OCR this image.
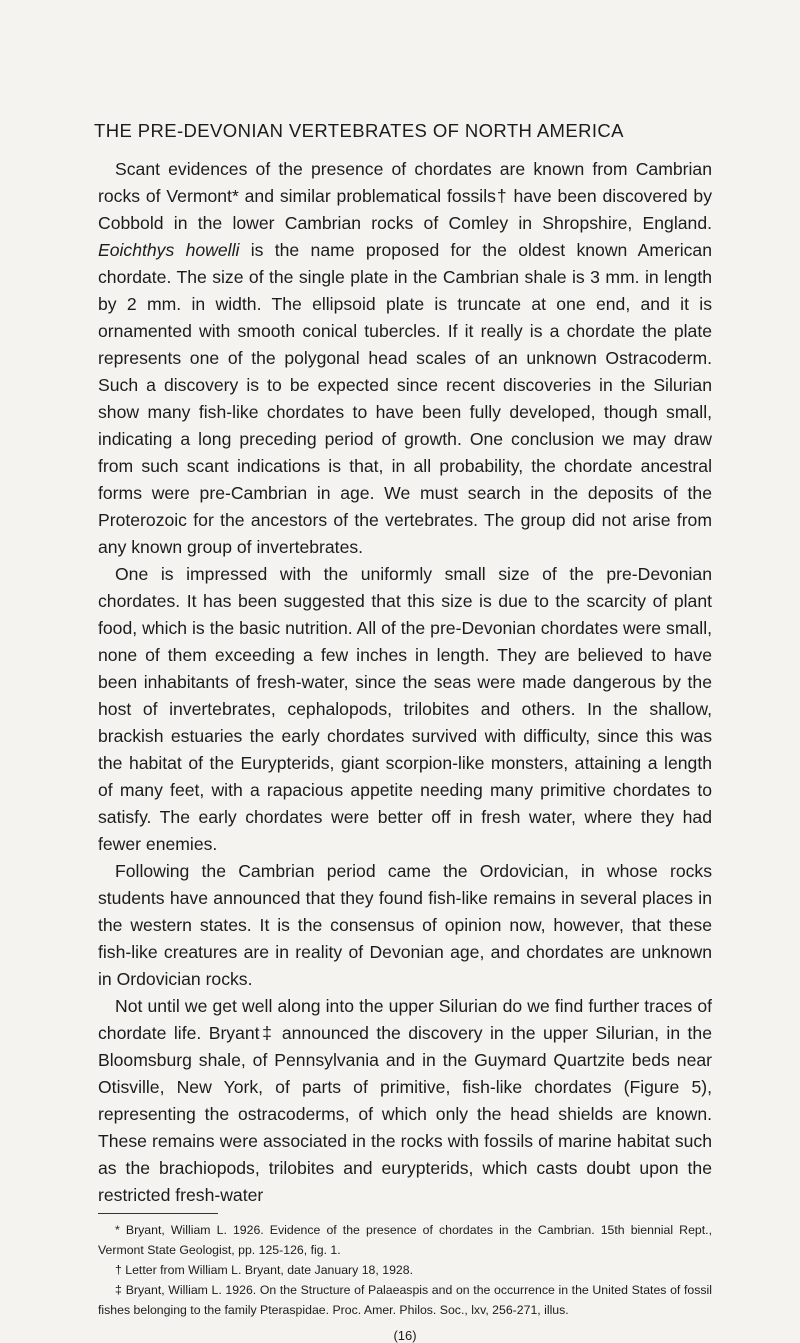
THE PRE-DEVONIAN VERTEBRATES OF NORTH AMERICA

Scant evidences of the presence of chordates are known from Cambrian rocks of Vermont* and similar problematical fossils† have been discovered by Cobbold in the lower Cambrian rocks of Comley in Shropshire, England. Eoichthys howelli is the name proposed for the oldest known American chordate. The size of the single plate in the Cambrian shale is 3 mm. in length by 2 mm. in width. The ellipsoid plate is truncate at one end, and it is ornamented with smooth conical tubercles. If it really is a chordate the plate represents one of the polygonal head scales of an unknown Ostracoderm. Such a discovery is to be expected since recent discoveries in the Silurian show many fish-like chordates to have been fully developed, though small, indicating a long preceding period of growth. One conclusion we may draw from such scant indications is that, in all probability, the chordate ancestral forms were pre-Cambrian in age. We must search in the deposits of the Proterozoic for the ancestors of the vertebrates. The group did not arise from any known group of invertebrates.

One is impressed with the uniformly small size of the pre-Devonian chordates. It has been suggested that this size is due to the scarcity of plant food, which is the basic nutrition. All of the pre-Devonian chordates were small, none of them exceeding a few inches in length. They are believed to have been inhabitants of fresh-water, since the seas were made dangerous by the host of invertebrates, cephalopods, trilobites and others. In the shallow, brackish estuaries the early chordates survived with difficulty, since this was the habitat of the Eurypterids, giant scorpion-like monsters, attaining a length of many feet, with a rapacious appetite needing many primitive chordates to satisfy. The early chordates were better off in fresh water, where they had fewer enemies.

Following the Cambrian period came the Ordovician, in whose rocks students have announced that they found fish-like remains in several places in the western states. It is the consensus of opinion now, however, that these fish-like creatures are in reality of Devonian age, and chordates are unknown in Ordovician rocks.

Not until we get well along into the upper Silurian do we find further traces of chordate life. Bryant‡ announced the discovery in the upper Silurian, in the Bloomsburg shale, of Pennsylvania and in the Guymard Quartzite beds near Otisville, New York, of parts of primitive, fish-like chordates (Figure 5), representing the ostracoderms, of which only the head shields are known. These remains were associated in the rocks with fossils of marine habitat such as the brachiopods, trilobites and eurypterids, which casts doubt upon the restricted fresh-water

* Bryant, William L. 1926. Evidence of the presence of chordates in the Cambrian. 15th biennial Rept., Vermont State Geologist, pp. 125-126, fig. 1.

† Letter from William L. Bryant, date January 18, 1928.

‡ Bryant, William L. 1926. On the Structure of Palaeaspis and on the occurrence in the United States of fossil fishes belonging to the family Pteraspidae. Proc. Amer. Philos. Soc., lxv, 256-271, illus.

(16)
